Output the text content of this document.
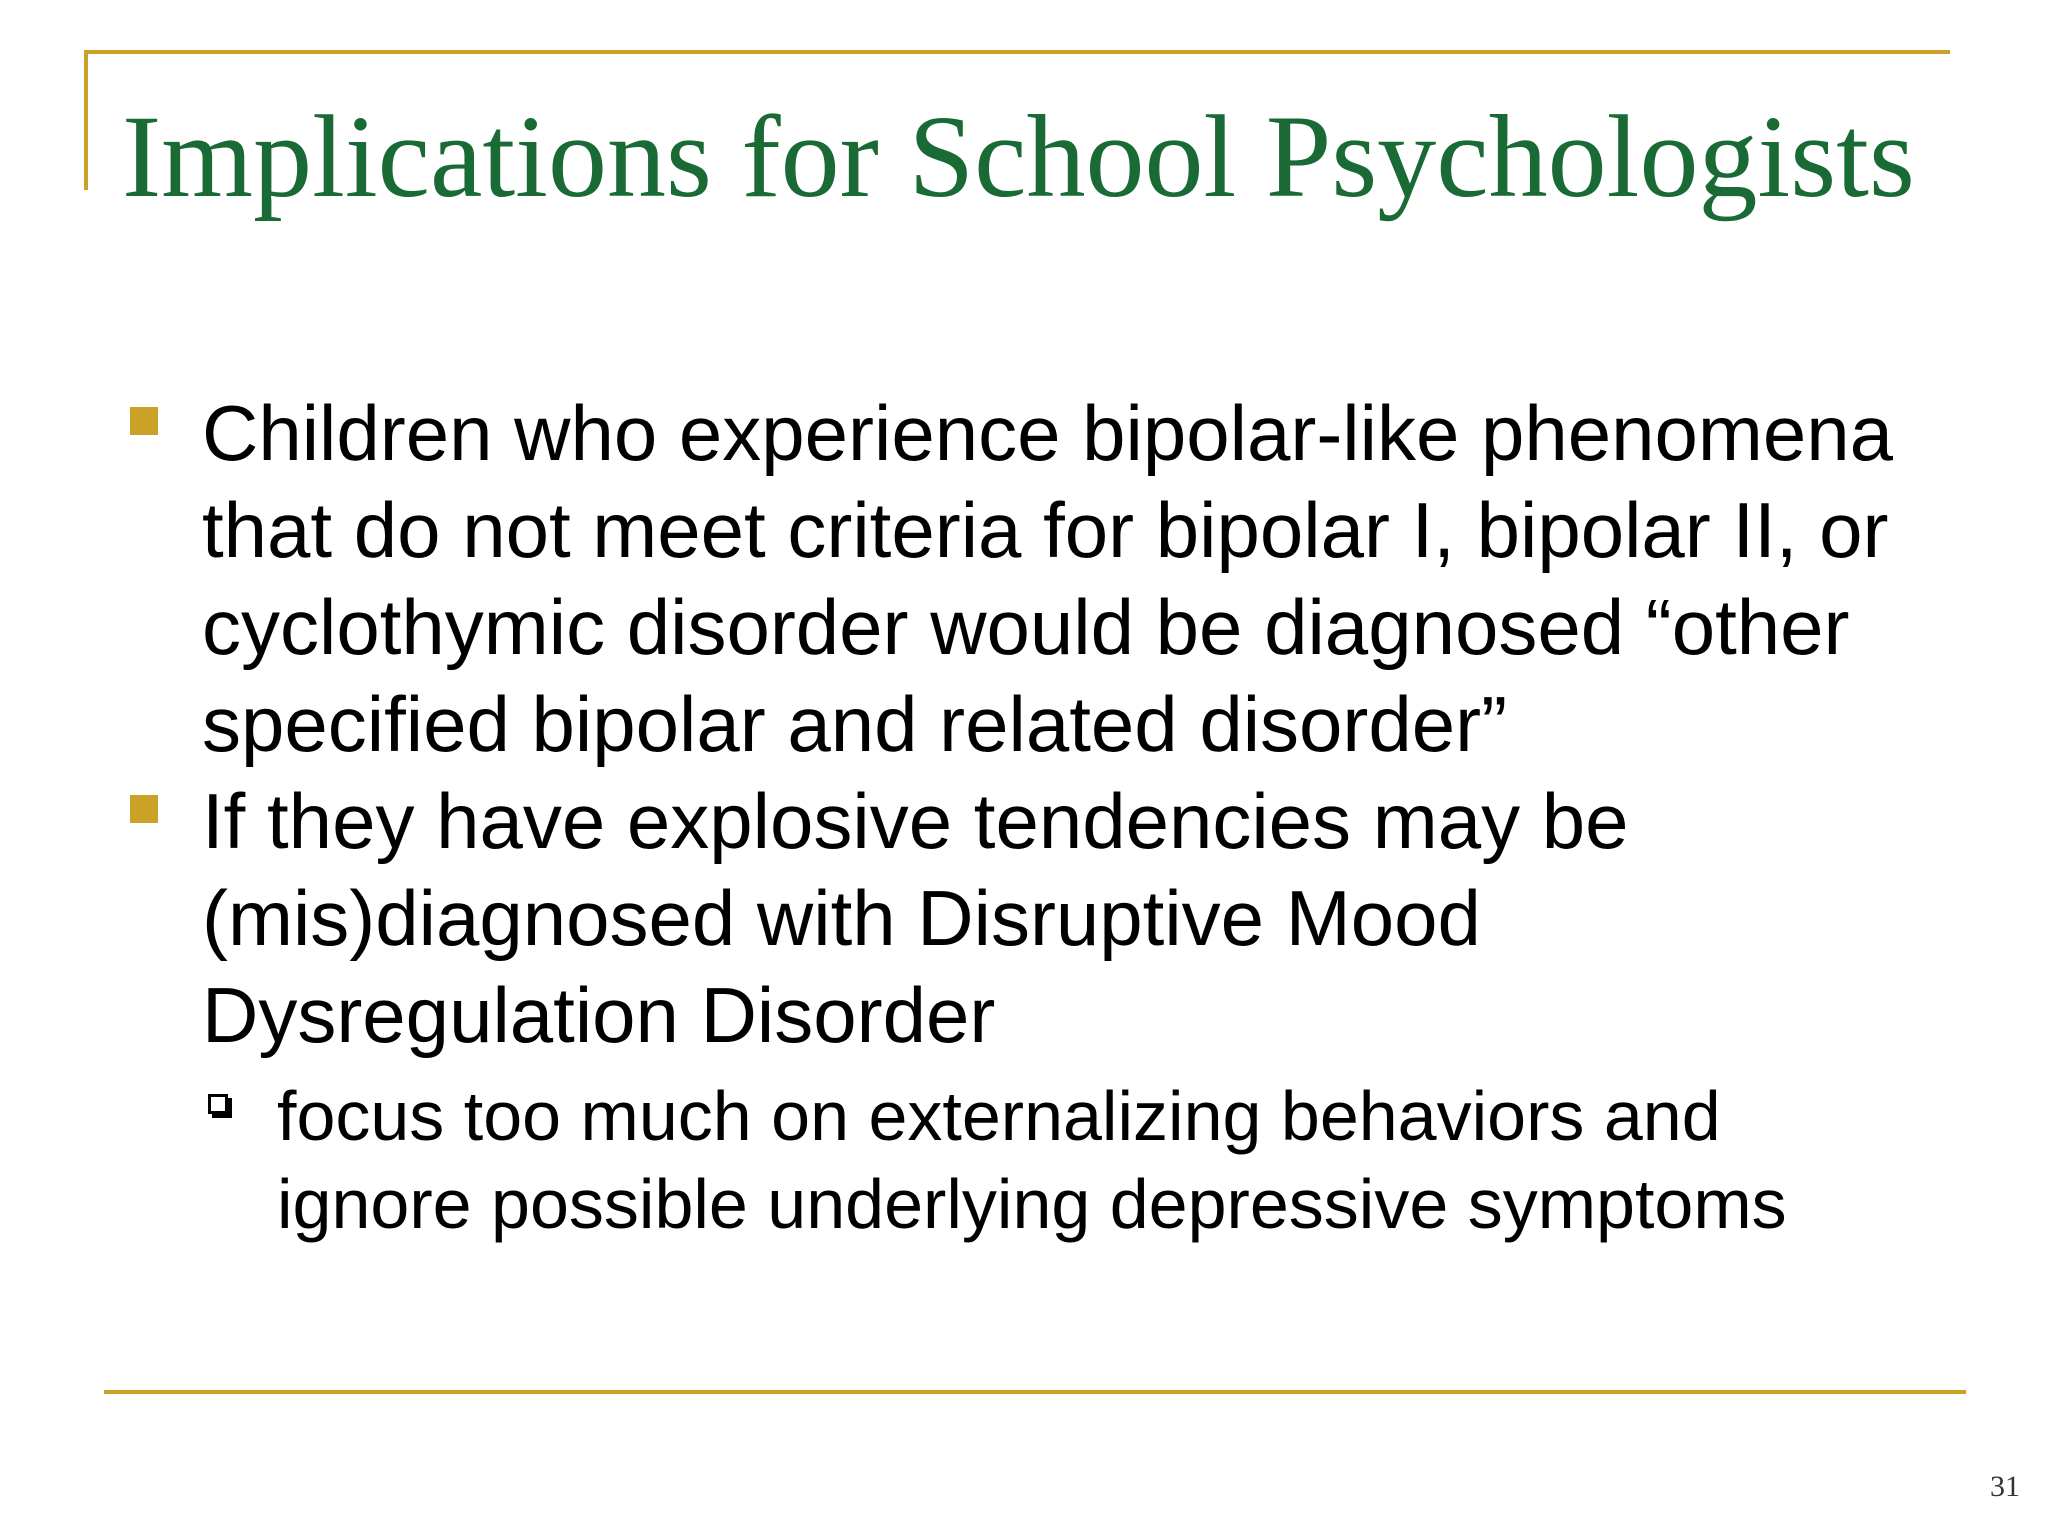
Implications for School Psychologists
Children who experience bipolar-like phenomena that do not meet criteria for bipolar I, bipolar II, or cyclothymic disorder would be diagnosed “other specified bipolar and related disorder”
If they have explosive tendencies may be (mis)diagnosed with Disruptive Mood Dysregulation Disorder
focus too much on externalizing behaviors and ignore possible underlying depressive symptoms
31
